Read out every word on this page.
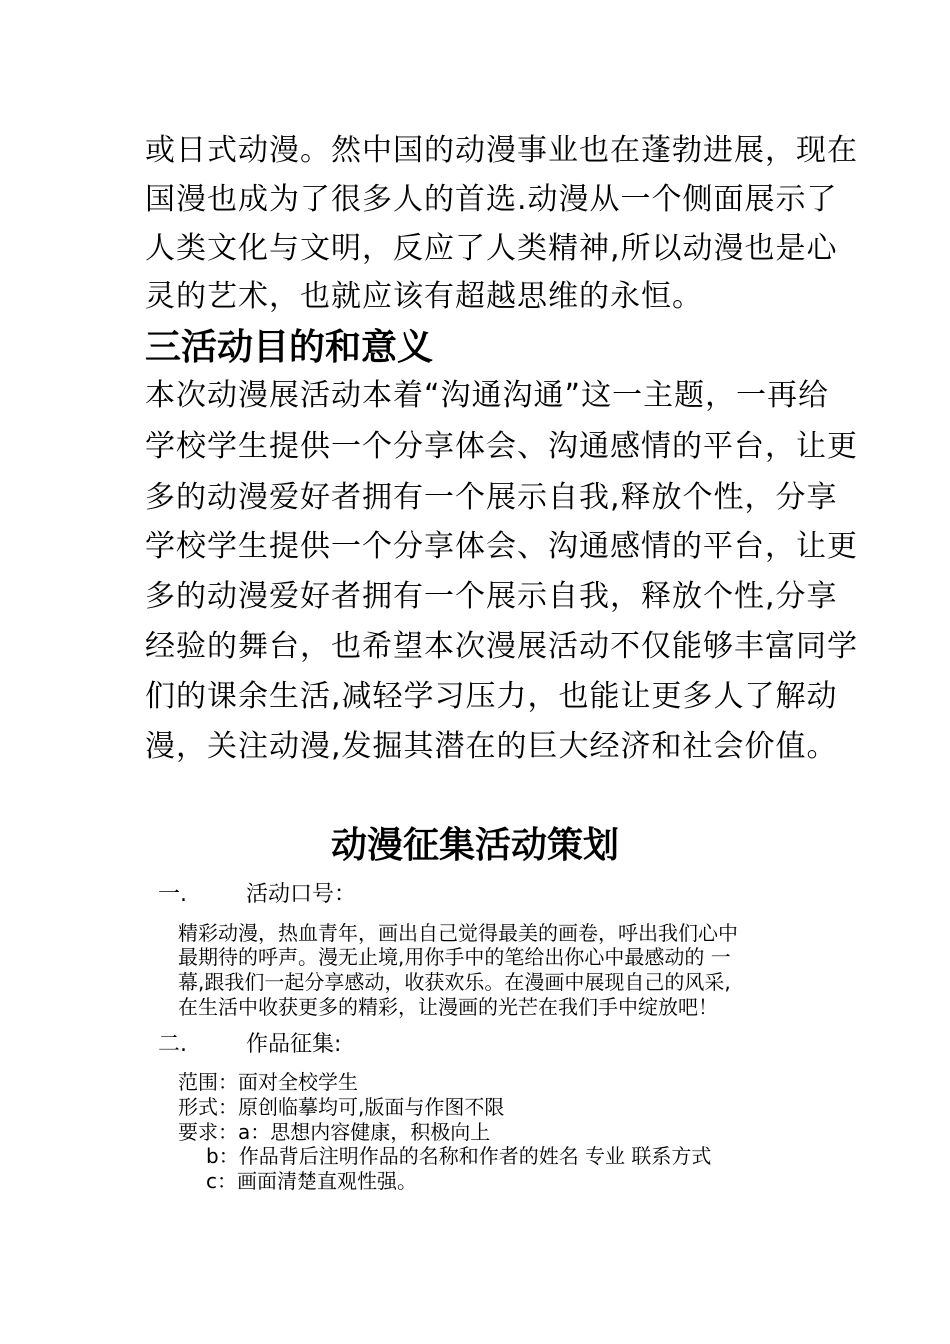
或日式动漫。然中国的动漫事业也在蓬勃进展，现在
国漫也成为了很多人的首选.动漫从一个侧面展示了
人类文化与文明，反应了人类精神,所以动漫也是心
灵的艺术，也就应该有超越思维的永恒。
三活动目的和意义
本次动漫展活动本着“沟通沟通”这一主题，一再给
学校学生提供一个分享体会、沟通感情的平台，让更
多的动漫爱好者拥有一个展示自我,释放个性，分享
学校学生提供一个分享体会、沟通感情的平台，让更
多的动漫爱好者拥有一个展示自我，释放个性,分享
经验的舞台，也希望本次漫展活动不仅能够丰富同学
们的课余生活,减轻学习压力，也能让更多人了解动
漫，关注动漫,发掘其潜在的巨大经济和社会价值。
动漫征集活动策划
一.	活动口号：
精彩动漫，热血青年，画出自己觉得最美的画卷，呼出我们心中
最期待的呼声。漫无止境,用你手中的笔给出你心中最感动的 一
幕,跟我们一起分享感动，收获欢乐。在漫画中展现自己的风采,
在生活中收获更多的精彩，让漫画的光芒在我们手中绽放吧！
二.	作品征集:
范围：面对全校学生
形式：原创临摹均可,版面与作图不限
要求：a：思想内容健康，积极向上
b：作品背后注明作品的名称和作者的姓名 专业 联系方式
c：画面清楚直观性强。
